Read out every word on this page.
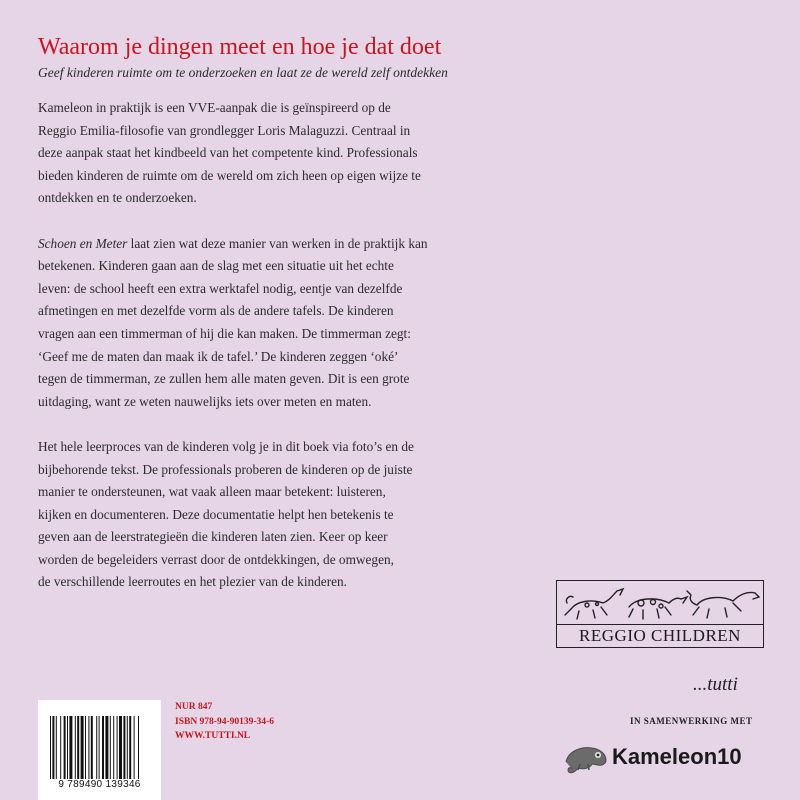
Waarom je dingen meet en hoe je dat doet
Geef kinderen ruimte om te onderzoeken en laat ze de wereld zelf ontdekken

Kameleon in praktijk is een VVE-aanpak die is geïnspireerd op de
Reggio Emilia-filosofie van grondlegger Loris Malaguzzi. Centraal in
deze aanpak staat het kindbeeld van het competente kind. Professionals
bieden kinderen de ruimte om de wereld om zich heen op eigen wijze te
ontdekken en te onderzoeken.

Schoen en Meter laat zien wat deze manier van werken in de praktijk kan
betekenen. Kinderen gaan aan de slag met een situatie uit het echte
leven: de school heeft een extra werktafel nodig, eentje van dezelfde
afmetingen en met dezelfde vorm als de andere tafels. De kinderen
vragen aan een timmerman of hij die kan maken. De timmerman zegt:
‘Geef me de maten dan maak ik de tafel.’ De kinderen zeggen ‘oké’
tegen de timmerman, ze zullen hem alle maten geven. Dit is een grote
uitdaging, want ze weten nauwelijks iets over meten en maten.

Het hele leerproces van de kinderen volg je in dit boek via foto’s en de
bijbehorende tekst. De professionals proberen de kinderen op de juiste
manier te ondersteunen, wat vaak alleen maar betekent: luisteren,
kijken en documenteren. Deze documentatie helpt hen betekenis te
geven aan de leerstrategieën die kinderen laten zien. Keer op keer
worden de begeleiders verrast door de ontdekkingen, de omwegen,
de verschillende leerroutes en het plezier van de kinderen.

9 789490 139346
NUR 847
ISBN 978-94-90139-34-6
WWW.TUTTI.NL
REGGIO CHILDREN
...tutti
IN SAMENWERKING MET
Kameleon10
